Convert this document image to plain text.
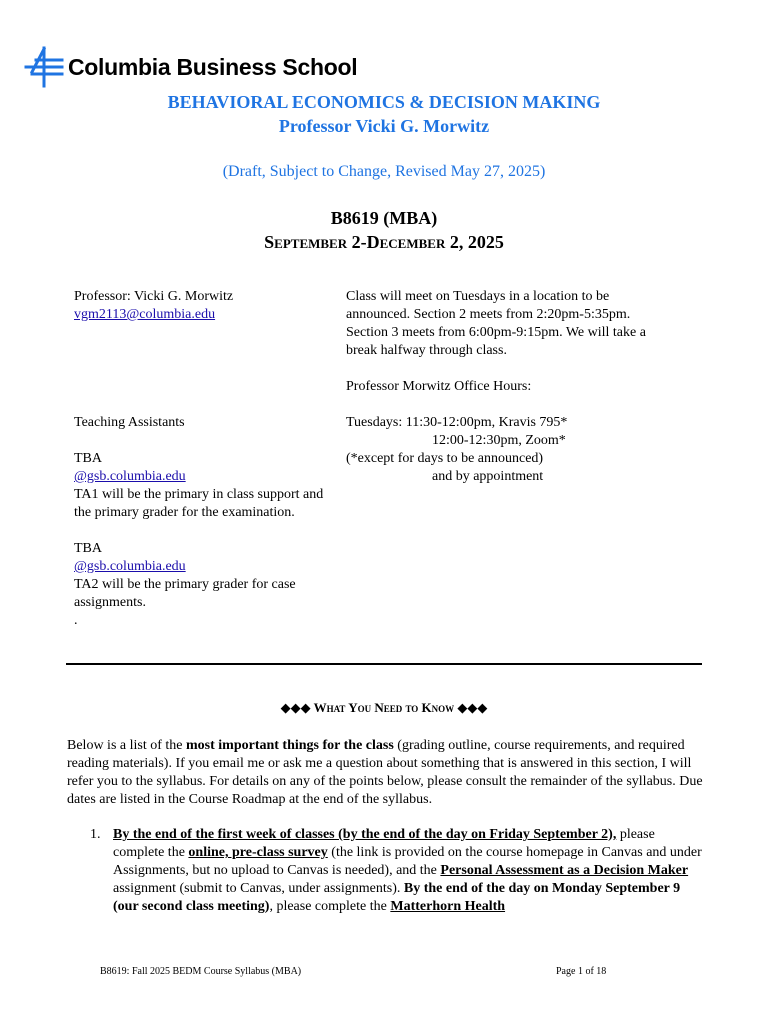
Columbia Business School
BEHAVIORAL ECONOMICS & DECISION MAKING
Professor Vicki G. Morwitz
(Draft, Subject to Change, Revised May 27, 2025)
B8619 (MBA)
September 2-December 2, 2025

Professor: Vicki G. Morwitz

vgm2113@columbia.edu

Teaching Assistants

TBA

@gsb.columbia.edu

TA1 will be the primary in class support and the primary grader for the examination.

TBA

@gsb.columbia.edu

TA2 will be the primary grader for case assignments.

.

Class will meet on Tuesdays in a location to be announced. Section 2 meets from 2:20pm-5:35pm. Section 3 meets from 6:00pm-9:15pm. We will take a break halfway through class.

Professor Morwitz Office Hours:

Tuesdays: 11:30-12:00pm, Kravis 795*

12:00-12:30pm, Zoom*

(*except for days to be announced)

and by appointment

◆◆◆ What You Need to Know ◆◆◆
Below is a list of the most important things for the class (grading outline, course requirements, and required reading materials). If you email me or ask me a question about something that is answered in this section, I will refer you to the syllabus. For details on any of the points below, please consult the remainder of the syllabus. Due dates are listed in the Course Roadmap at the end of the syllabus.
1. By the end of the first week of classes (by the end of the day on Friday September 2), please complete the online, pre-class survey (the link is provided on the course homepage in Canvas and under Assignments, but no upload to Canvas is needed), and the Personal Assessment as a Decision Maker assignment (submit to Canvas, under assignments). By the end of the day on Monday September 9 (our second class meeting), please complete the Matterhorn Health
B8619: Fall 2025 BEDM Course Syllabus (MBA)	Page 1 of 18
